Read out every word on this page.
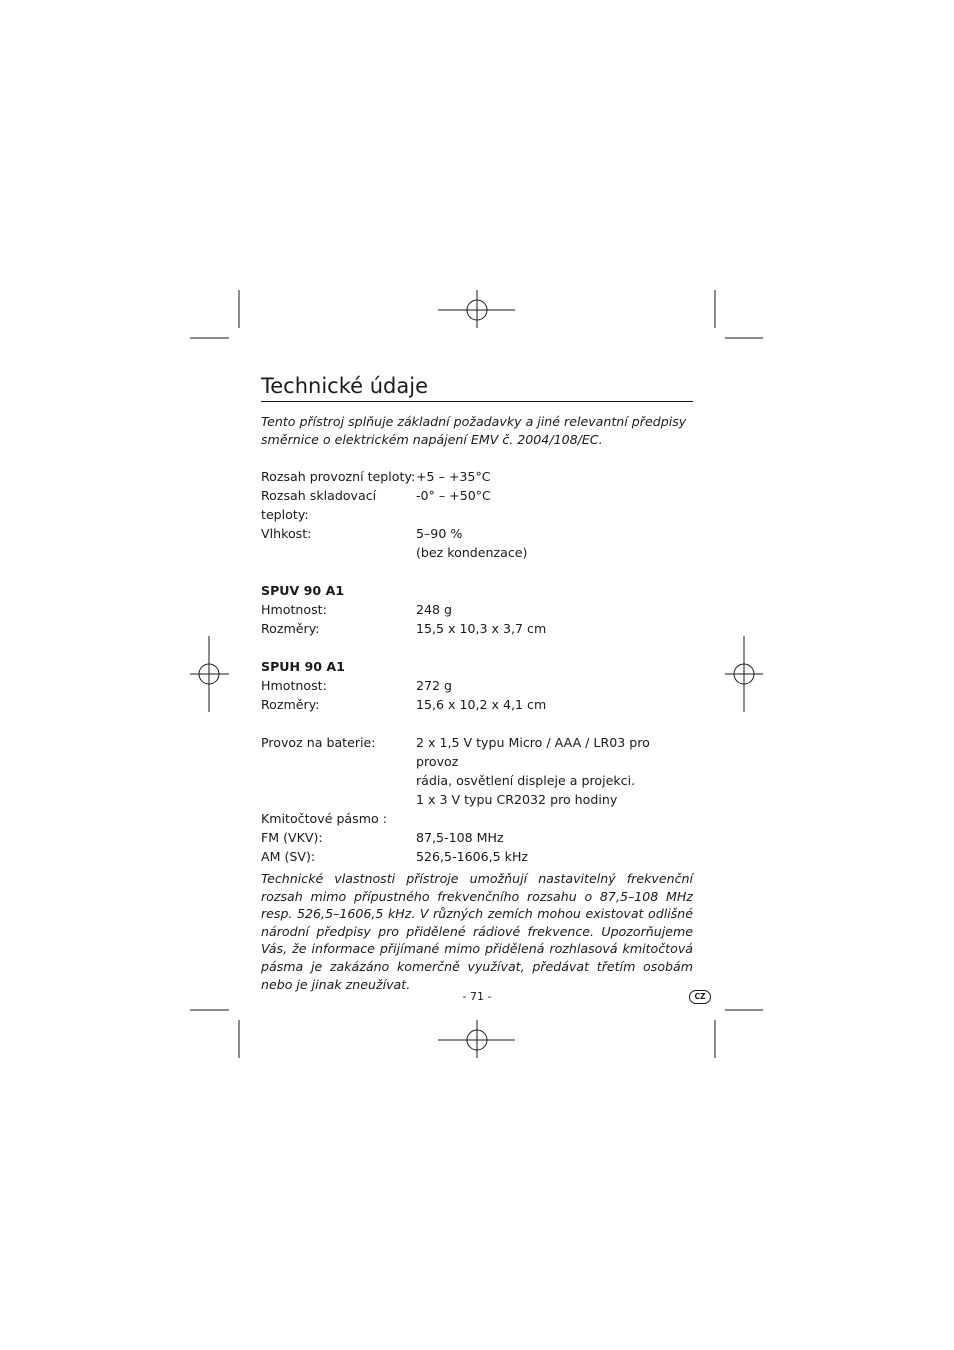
Technické údaje
Tento přístroj splňuje základní požadavky a jiné relevantní předpisy směrnice o elektrickém napájení EMV č. 2004/108/EC.
Rozsah provozní teploty: +5 – +35°C
Rozsah skladovací teploty:
-0° – +50°C
Vlhkost:	5–90 %
(bez kondenzace)
SPUV 90 A1
Hmotnost:	248 g
Rozměry:	15,5 x 10,3 x 3,7 cm
SPUH 90 A1
Hmotnost:	272 g
Rozměry:	15,6 x 10,2 x 4,1 cm
Provoz na baterie:	2 x 1,5 V typu Micro / AAA / LR03 pro provoz
rádia, osvětlení displeje a projekci.
1 x 3 V typu CR2032 pro hodiny
Kmitočtové pásmo :
FM (VKV):	87,5-108 MHz
AM (SV):	526,5-1606,5 kHz
Technické vlastnosti přístroje umožňují nastavitelný frekvenční rozsah mimo přípustného frekvenčního rozsahu o 87,5–108 MHz resp. 526,5–1606,5 kHz. V různých zemích mohou existovat odlišné národní předpisy pro přidělené rádiové frekvence. Upozorňujeme Vás, že informace přijímané mimo přidělená rozhlasová kmitočtová pásma je zakázáno komerčně využívat, předávat třetím osobám nebo je jinak zneužívat.
- 71 -	CZ
